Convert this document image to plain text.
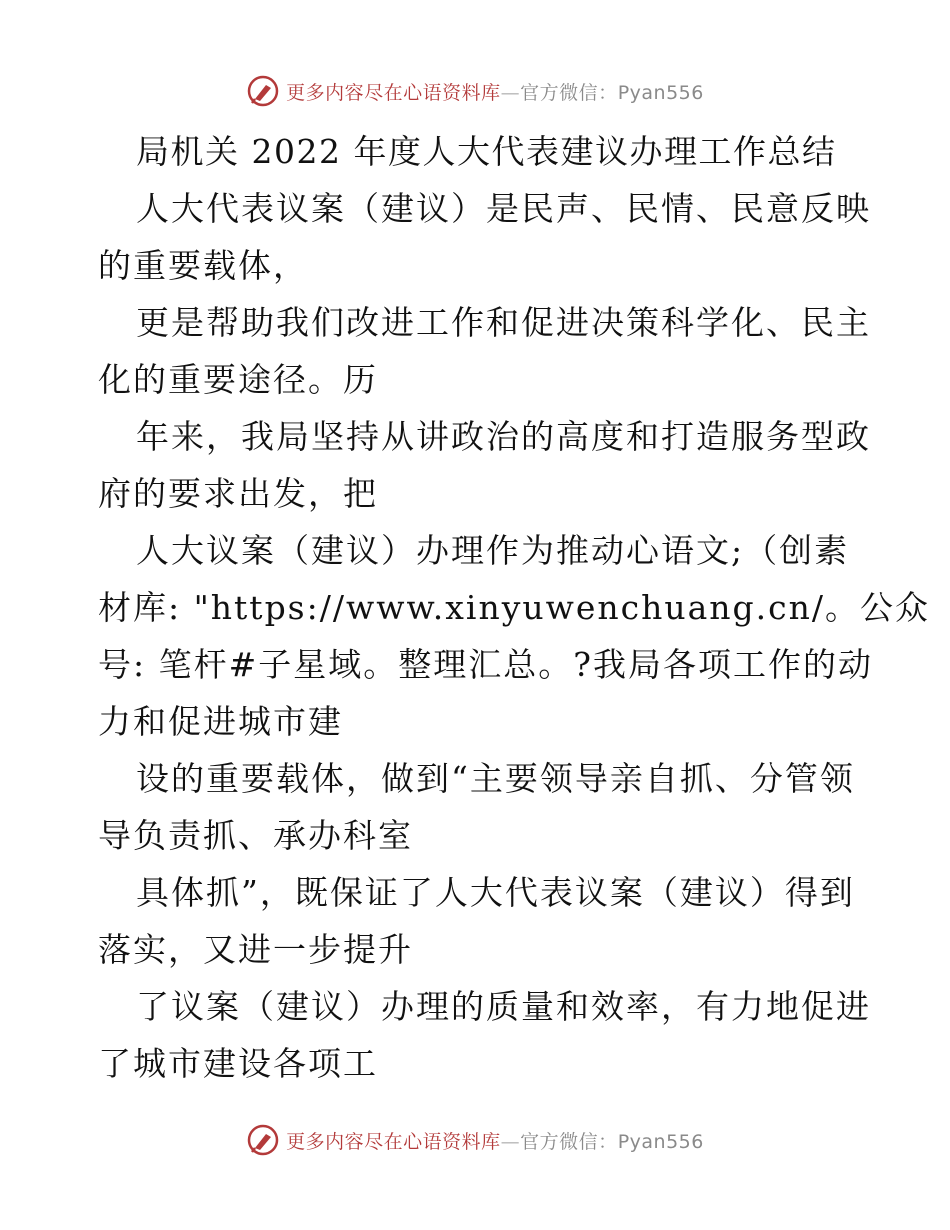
更多内容尽在心语资料库—官方微信：Pyan556
局机关 2022 年度人大代表建议办理工作总结
人大代表议案（建议）是民声、民情、民意反映
的重要载体，
更是帮助我们改进工作和促进决策科学化、民主
化的重要途径。历
年来，我局坚持从讲政治的高度和打造服务型政
府的要求出发，把
人大议案（建议）办理作为推动心语文;（创素
材库: "https://www.xinyuwenchuang.cn/。公众
号: 笔杆#子星域。整理汇总。?我局各项工作的动
力和促进城市建
设的重要载体，做到“主要领导亲自抓、分管领
导负责抓、承办科室
具体抓”，既保证了人大代表议案（建议）得到
落实，又进一步提升
了议案（建议）办理的质量和效率，有力地促进
了城市建设各项工
更多内容尽在心语资料库—官方微信：Pyan556
